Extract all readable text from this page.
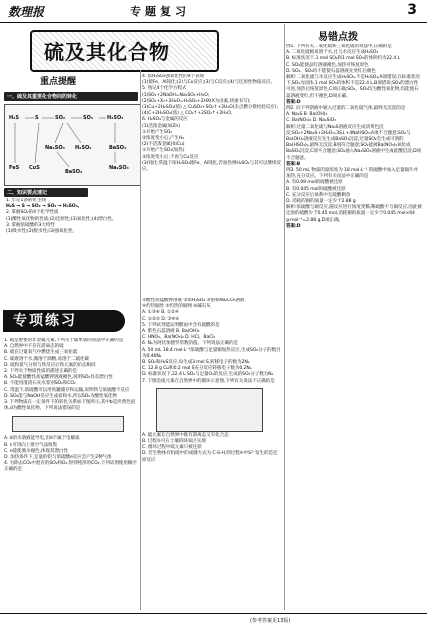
数理报	专题复习	3
硫及其化合物
重点提醒
一、硫及其重要化合物间的转化
H₂S	S	SO₂	SO₃	H₂SO₄
Na₂SO₃ H₂SO₃
FeS CuS
BaSO₄
Na₂SO₄
BaSO₃
二、知识要点速记

1. 牢记1条转化主线

H₂S → S → SO₂ → SO₃ → H₂SO₄。

2. 掌握SO₂的4个化学性质

(1)酸性氧化物的性质;(2)还原性;(3)氧化性;(4)漂白性。

3. 掌握浓硫酸的3大特性

(1)吸水性;(2)脱水性;(3)强氧化性。

专项练习

1. 硫是重要的非金属元素,下列关于硫单质的说法中正确的是

A. 自然界中不存在游离态的硫

B. 硫在过量氧气中燃烧生成三氧化硫

C. 硫难溶于水,微溶于酒精,易溶于二硫化碳

D. 硫和氯气分别与铁反应后铁元素的价态相同

2. 下列关于物质性质的描述正确的是

A. SO₂能使酸性高锰酸钾溶液褪色,说明SO₂具有漂白性

B. 不能用澄清石灰水鉴别SO₂和CO₂

C. 常温下,浓硫酸可以用铁罐储存和运输,说明铁与浓硫酸不反应

D. SO₂能与NaOH反应生成盐和水,所以SO₂为酸性氧化物

3. 下列物质在一定条件下的转化关系如下图所示,其中b是淡黄色固体,d为酸性氧化物。下列说法错误的是

A. d的水溶液能导电,但d不属于电解质

B. c可用向上排空气法收集

C. e能使澳水褪色,体现其漂白性

D. 加热条件下,足量的铝与浓硫酸e反应会产生2种气体

4. 为除去CO₂中混有的SO₂和O₂,得到纯净的CO₂,下列试剂使用顺序正确的是

4. 浓H₂SO₄强氧化性的4个表现

(1)使Fe、Al钝化;(2)与Cu反应;(3)与C反应;(4)与还原性物质反应。

5. 熟记4个化学方程式

(1)SO₂+2NaOH=Na₂SO₃+H₂O;

(2)SO₂+X₂+2H₂O=H₂SO₄+2HX(X为卤素,快速书写);

(3)Cu+2H₂SO₄(浓) △ CuSO₄+SO₂↑+2H₂O(未点燃分批检验反应);

(4)C+2H₂SO₄(浓) △ CO₂↑+2SO₂↑+2H₂O。

6. H₂SO₄与金属的反应

(1)活泼金属(如Zn)

①开始产生SO₂

②浓度变小后,产生H₂

(2)不活泼金属(如Cu)

①开始产生SO₂(加热)

②浓度变小后,不再与Cu反应

(3)钝化:常温下浓H₂SO₄使Fe、Al钝化,若加热则H₂SO₄与其可以继续反应。

①酸性高锰酸钾溶液 ②浓H₂SO₄ ③饱和Na₂CO₃溶液

④灼热铜丝 ⑤灼热的铜网 ⑥碱石灰

A. ①③⑥ B. ①②④

C. ①②⑤ D. ③④⑥

5. 下列试剂能证明酸雨中含有硫酸的是

A. 紫色石蕊溶液 B. Ba(OH)₂

C. HNO₃、Ba(NO₃)₂ D. HCl、BaCl₂

6. Nₐ为阿伏加德罗常数的值。下列说法正确的是

A. 50 mL 18.4 mol·L⁻¹浓硫酸与足量铜加热反应,生成SO₂分子的数目为0.46Nₐ

B. SO₂和H₂S反应,每生成3 mol S,转移电子的数为2Nₐ

C. 12.8 g Cu和0.2 mol S充分反应转移电子数为0.2Nₐ

D. 标准状况下,22.4 L SO₂与足量O₂的反应,生成的SO₃分子数为Nₐ

7. 下图是硫元素在自然界中的循环示意图,下列有关说法不正确的是

A. 硫元素在自然界中既有游离态又有化合态

B. 过程⑤可在土壤的缺氧区实现

C. 循环过程中硫元素只被还原

D. 若生物体有机硫中的成键方式为 C-S-H,则过程④中S²⁻发生的是还原反应

易错点拨

例1. 下列有关二氧化硫和三氧化硫的说法中,正确的是

A. 二氧化硫极易溶于水,且与水反应生成H₂SO₄

B. 标准状况下,1 mol SO₂和1 mol SO₃的体积约为22.4 L

C. SO₂能使品红溶液褪色,加热可恢复原色

D. SO₂、SO₃均不能使石蕊溶液先变红后褪色

解析:二氧化硫与水反应生成H₂SO₃,不是H₂SO₄,A项错误;在标准状况下,SO₃为固体,1 mol SO₃的体积不是22.4 L,B项错误;SO₂的漂白性可逆,加热后恢复原色,C项正确;SO₂、SO₃均为酸性氧化物,均能使石蕊溶液变红,但不褪色,D项正确。

答案:D

例2. 向下列溶液中通入过量的二氧化硫气体,最终无沉淀的是

A. Na₂S B. Ba(OH)₂

C. Ba(NO₃)₂ D. Na₂SiO₃

解析:过量二氧化硫与Na₂S溶液反应生成淡黄色沉淀;SO₂+2Na₂S+2H₂O=3S↓+4NaHSO₃,A项不合题意;SO₂与Ba(OH)₂溶液反应先生成BaSO₃沉淀,过量SO₂会生成可溶的Ba(HSO₃)₂,最终无沉淀,B项符合题意;SO₂能被Ba(NO₃)₂氧化成BaSO₄沉淀,C项不合题意;SO₂通入Na₂SiO₃溶液中生成硅酸沉淀,D项不合题意。

答案:B

例3. 50 mL 物质的量浓度为 18 mol·L⁻¹ 的硫酸中加入足量铜片并加热,充分反应。下列有关说法中正确的是

A. 有0.09 mol的硫酸被还原

B. 有0.045 mol的硫酸被还原

C. 充分反应后体系中无硫酸剩余

D. 消耗的铜的质量一定少于2.88 g

解析:浓硫酸与铜反应,随反应进行浓度变稀,稀硫酸不与铜反应,因此被还原的硫酸少于0.45 mol,消耗铜的质量一定少于0.045 mol×64 g·mol⁻¹=2.88 g,D项正确。

答案:D

(参考答案见13版)
